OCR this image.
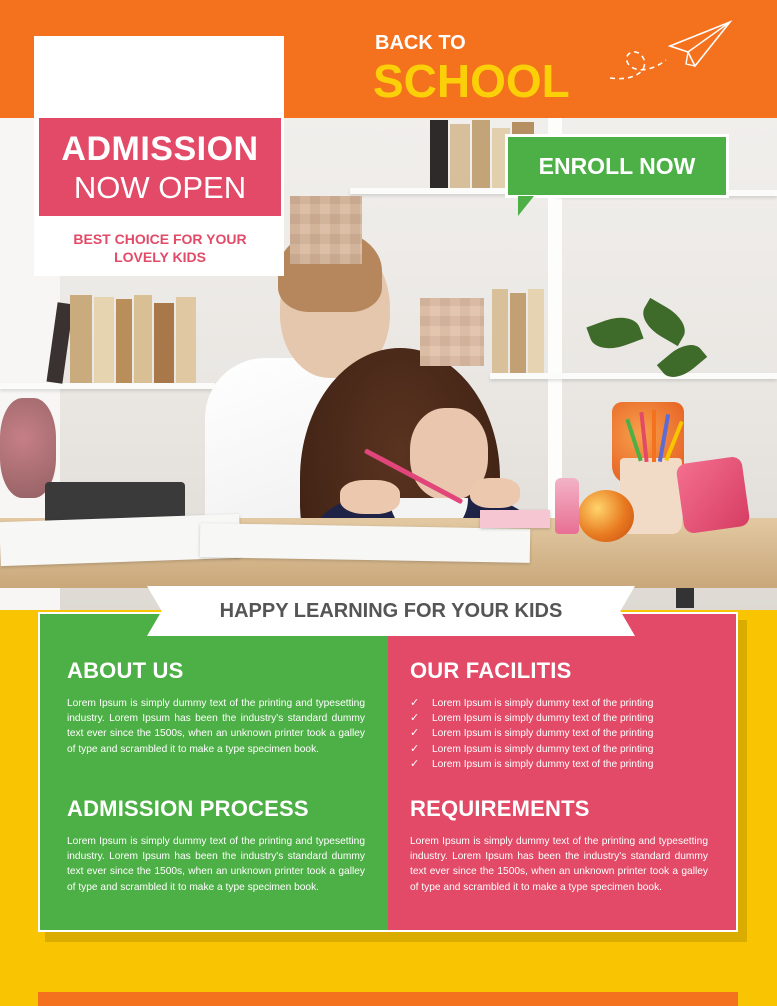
ADMISSION
NOW OPEN
BEST CHOICE FOR YOUR
LOVELY KIDS
BACK TO
SCHOOL
ENROLL NOW
ABOUT US

Lorem Ipsum is simply dummy text of the printing and typesetting industry. Lorem Ipsum has been the industry's standard dummy text ever since the 1500s, when an unknown printer took a galley of type and scrambled it to make a type specimen book.

ADMISSION PROCESS

Lorem Ipsum is simply dummy text of the printing and typesetting industry. Lorem Ipsum has been the industry's standard dummy text ever since the 1500s, when an unknown printer took a galley of type and scrambled it to make a type specimen book.

OUR FACILITIS
✓ Lorem Ipsum is simply dummy text of the printing
✓ Lorem Ipsum is simply dummy text of the printing
✓ Lorem Ipsum is simply dummy text of the printing
✓ Lorem Ipsum is simply dummy text of the printing
✓ Lorem Ipsum is simply dummy text of the printing
REQUIREMENTS

Lorem Ipsum is simply dummy text of the printing and typesetting industry. Lorem Ipsum has been the industry's standard dummy text ever since the 1500s, when an unknown printer took a galley of type and scrambled it to make a type specimen book.

HAPPY LEARNING FOR YOUR KIDS
